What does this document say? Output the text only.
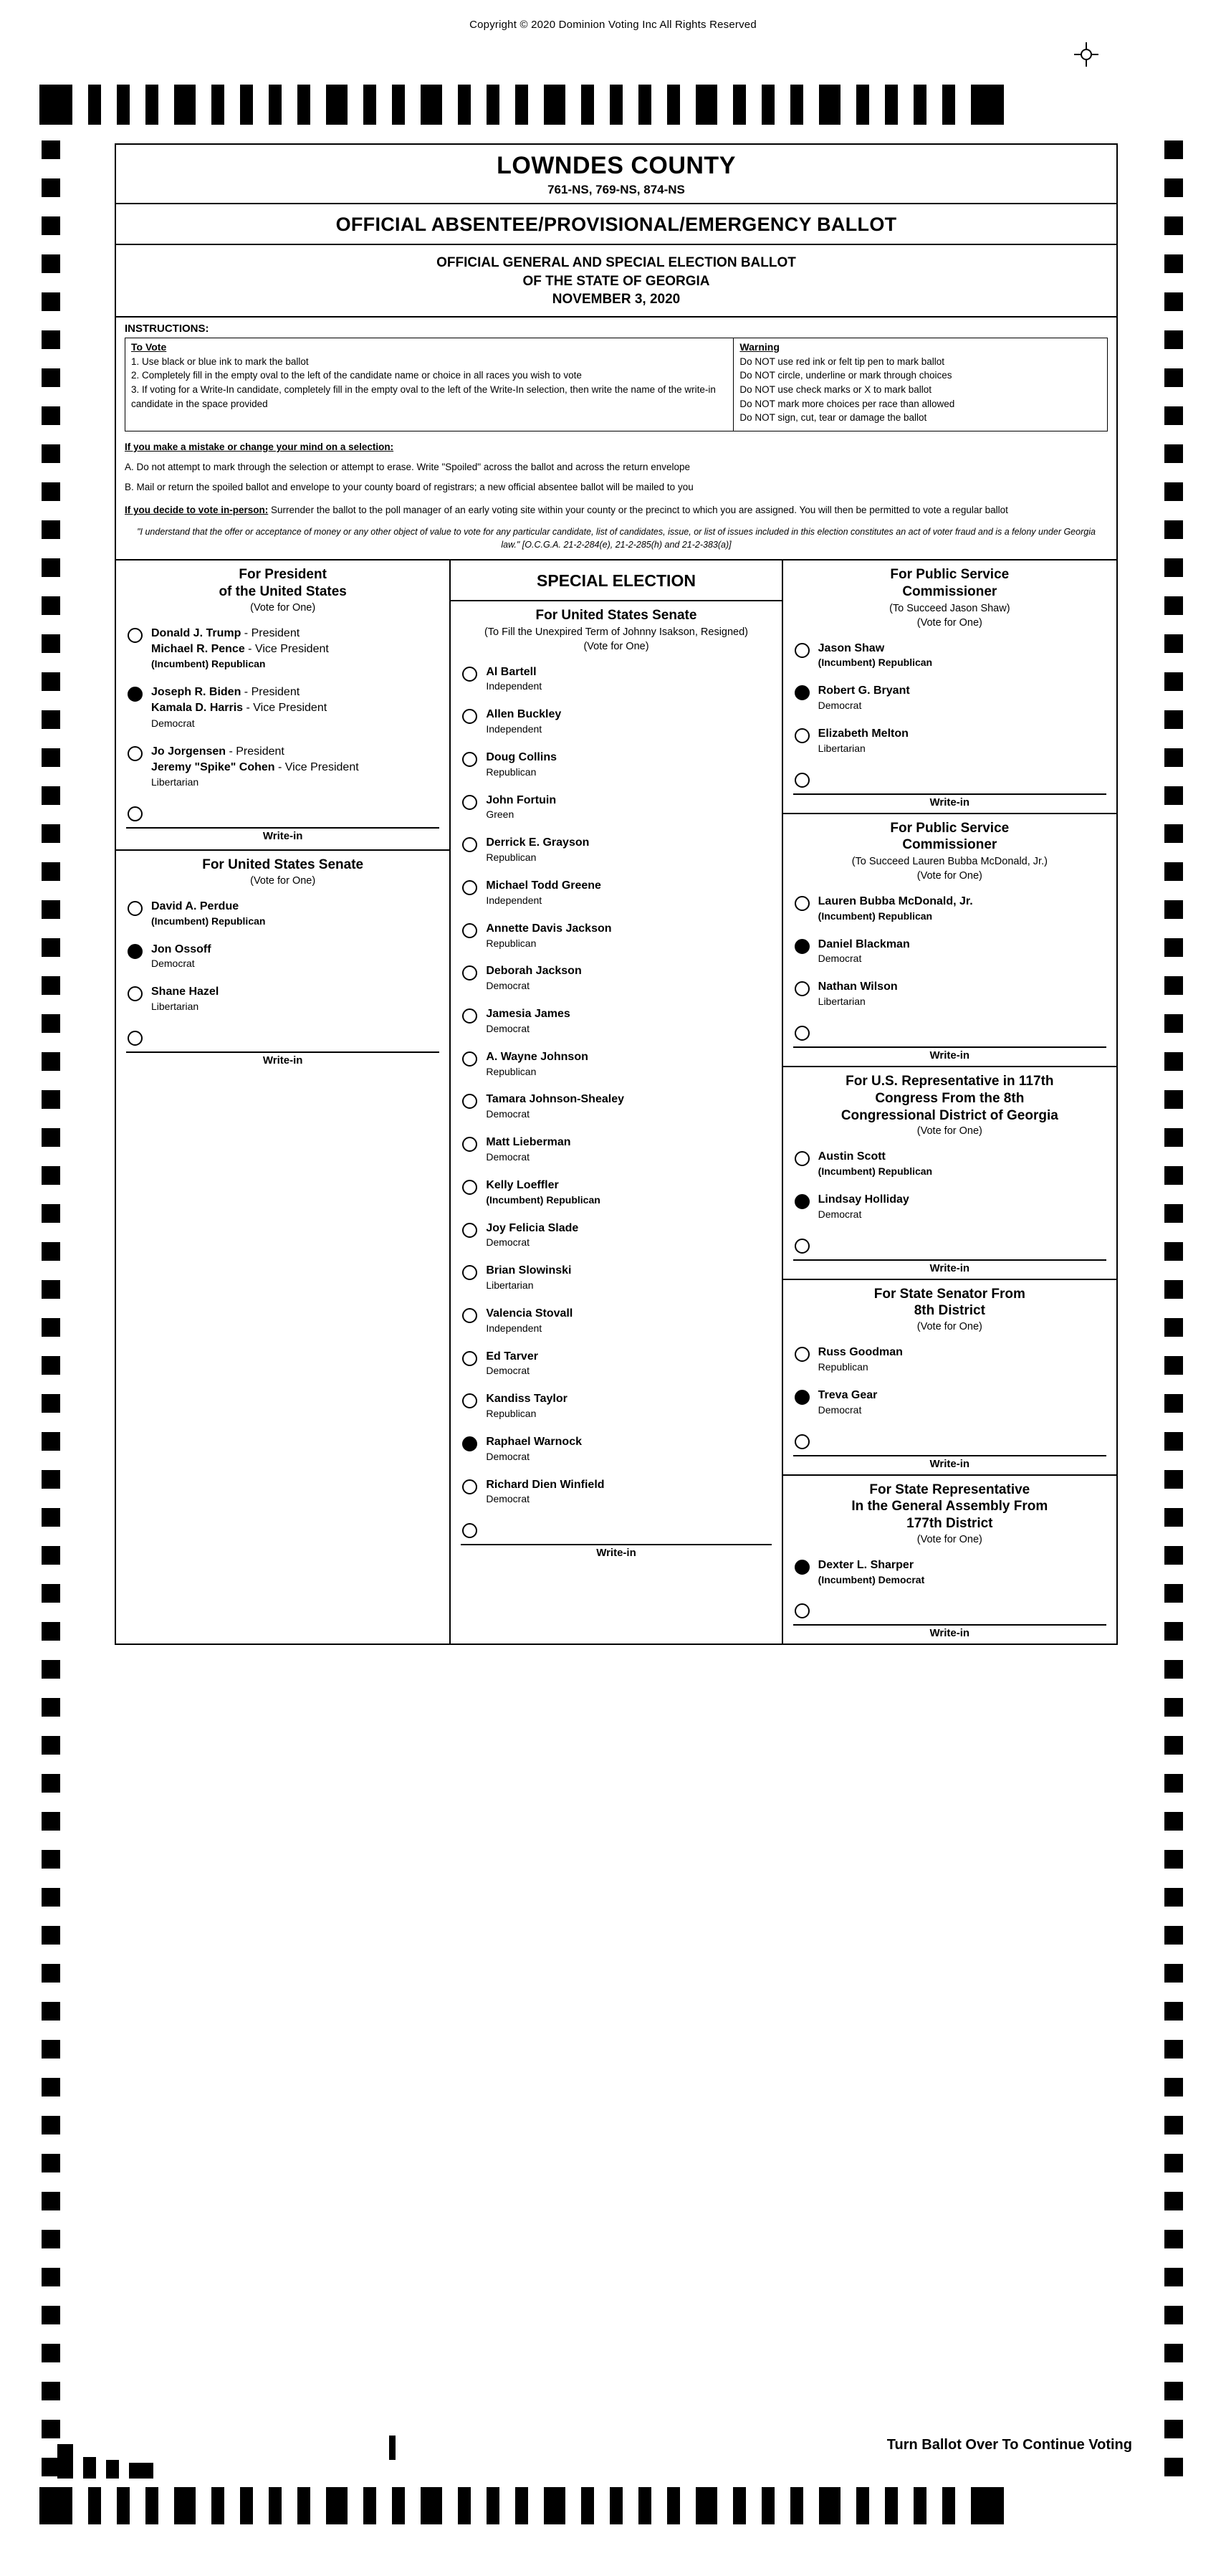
Copyright © 2020 Dominion Voting Inc All Rights Reserved
+
Turn Ballot Over To Continue Voting
LOWNDES COUNTY
761-NS, 769-NS, 874-NS
OFFICIAL ABSENTEE/PROVISIONAL/EMERGENCY BALLOT
OFFICIAL GENERAL AND SPECIAL ELECTION BALLOT
OF THE STATE OF GEORGIA
NOVEMBER 3, 2020
INSTRUCTIONS:
To Vote
1. Use black or blue ink to mark the ballot
2. Completely fill in the empty oval to the left of the candidate name or choice in all races you wish to vote
3. If voting for a Write-In candidate, completely fill in the empty oval to the left of the Write-In selection, then write the name of the write-in candidate in the space provided
Warning
Do NOT use red ink or felt tip pen to mark ballot
Do NOT circle, underline or mark through choices
Do NOT use check marks or X to mark ballot
Do NOT mark more choices per race than allowed
Do NOT sign, cut, tear or damage the ballot
If you make a mistake or change your mind on a selection:
A. Do not attempt to mark through the selection or attempt to erase. Write "Spoiled" across the ballot and across the return envelope
B. Mail or return the spoiled ballot and envelope to your county board of registrars; a new official absentee ballot will be mailed to you
If you decide to vote in-person: Surrender the ballot to the poll manager of an early voting site within your county or the precinct to which you are assigned. You will then be permitted to vote a regular ballot
"I understand that the offer or acceptance of money or any other object of value to vote for any particular candidate, list of candidates, issue, or list of issues included in this election constitutes an act of voter fraud and is a felony under Georgia law." [O.C.G.A. 21-2-284(e), 21-2-285(h) and 21-2-383(a)]
For President
of the United States
(Vote for One)
Donald J. Trump - President
Michael R. Pence - Vice President
(Incumbent) Republican
Joseph R. Biden - President
Kamala D. Harris - Vice President
Democrat
Jo Jorgensen - President
Jeremy "Spike" Cohen - Vice President
Libertarian
Write-in
For United States Senate
(Vote for One)
David A. Perdue
(Incumbent) Republican
Jon Ossoff
Democrat
Shane Hazel
Libertarian
Write-in
SPECIAL ELECTION
For United States Senate
(To Fill the Unexpired Term of Johnny Isakson, Resigned)
(Vote for One)
Al Bartell
Independent
Allen Buckley
Independent
Doug Collins
Republican
John Fortuin
Green
Derrick E. Grayson
Republican
Michael Todd Greene
Independent
Annette Davis Jackson
Republican
Deborah Jackson
Democrat
Jamesia James
Democrat
A. Wayne Johnson
Republican
Tamara Johnson-Shealey
Democrat
Matt Lieberman
Democrat
Kelly Loeffler
(Incumbent) Republican
Joy Felicia Slade
Democrat
Brian Slowinski
Libertarian
Valencia Stovall
Independent
Ed Tarver
Democrat
Kandiss Taylor
Republican
Raphael Warnock
Democrat
Richard Dien Winfield
Democrat
Write-in
For Public Service
Commissioner
(To Succeed Jason Shaw)
(Vote for One)
Jason Shaw
(Incumbent) Republican
Robert G. Bryant
Democrat
Elizabeth Melton
Libertarian
Write-in
For Public Service
Commissioner
(To Succeed Lauren Bubba McDonald, Jr.)
(Vote for One)
Lauren Bubba McDonald, Jr.
(Incumbent) Republican
Daniel Blackman
Democrat
Nathan Wilson
Libertarian
Write-in
For U.S. Representative in 117th
Congress From the 8th
Congressional District of Georgia
(Vote for One)
Austin Scott
(Incumbent) Republican
Lindsay Holliday
Democrat
Write-in
For State Senator From
8th District
(Vote for One)
Russ Goodman
Republican
Treva Gear
Democrat
Write-in
For State Representative
In the General Assembly From
177th District
(Vote for One)
Dexter L. Sharper
(Incumbent) Democrat
Write-in
